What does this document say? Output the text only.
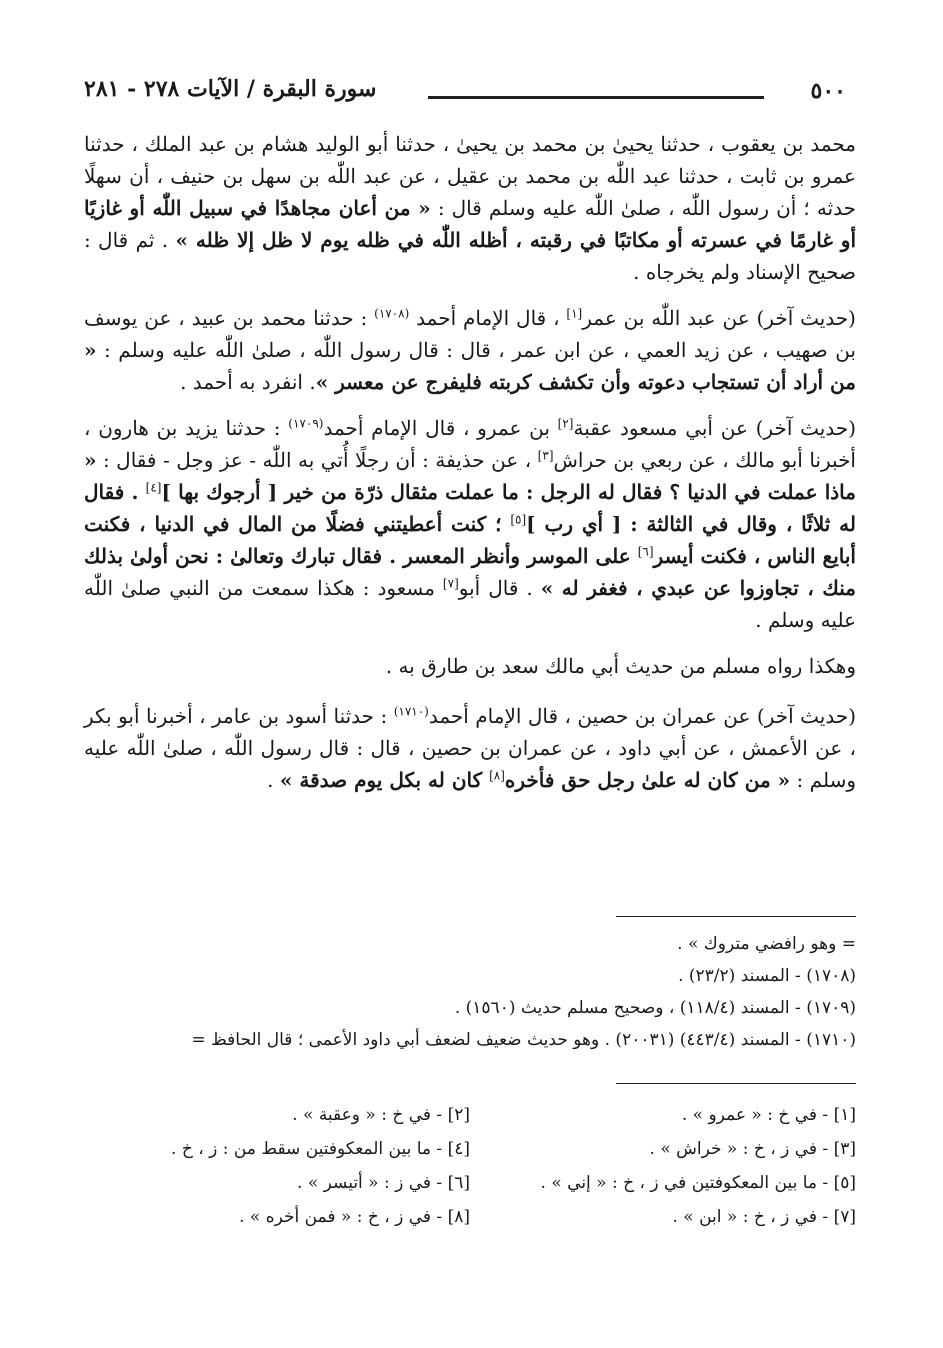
٥٠٠
سورة البقرة / الآيات ٢٧٨ - ٢٨١

محمد بن يعقوب ، حدثنا يحيىٰ بن محمد بن يحيىٰ ، حدثنا أبو الوليد هشام بن عبد الملك ، حدثنا عمرو بن ثابت ، حدثنا عبد اللّٰه بن محمد بن عقيل ، عن عبد اللّٰه بن سهل بن حنيف ، أن سهلًا حدثه ؛ أن رسول اللّٰه ، صلىٰ اللّٰه عليه وسلم قال : « من أعان مجاهدًا في سبيل اللّٰه أو غازيًا أو غارمًا في عسرته أو مكاتبًا في رقبته ، أظله اللّٰه في ظله يوم لا ظل إلا ظله » . ثم قال : صحيح الإسناد ولم يخرجاه .

(حديث آخر) عن عبد اللّٰه بن عمر[١] ، قال الإمام أحمد $^{(١٧٠٨)}$ : حدثنا محمد بن عبيد ، عن يوسف بن صهيب ، عن زيد العمي ، عن ابن عمر ، قال : قال رسول اللّٰه ، صلىٰ اللّٰه عليه وسلم : « من أراد أن تستجاب دعوته وأن تكشف كربته فليفرج عن معسر ». انفرد به أحمد .

(حديث آخر) عن أبي مسعود عقبة[٢] بن عمرو ، قال الإمام أحمد$^{(١٧٠٩)}$ : حدثنا يزيد بن هارون ، أخبرنا أبو مالك ، عن ربعي بن حراش[٣] ، عن حذيفة : أن رجلًا أُتي به اللّٰه - عز وجل - فقال : « ماذا عملت في الدنيا ؟ فقال له الرجل : ما عملت مثقال ذرّة من خير [ أرجوك بها ][٤] . فقال له ثلاثًا ، وقال في الثالثة : [ أي رب ][٥] ؛ كنت أعطيتني فضلًا من المال في الدنيا ، فكنت أبايع الناس ، فكنت أيسر[٦] على الموسر وأنظر المعسر . فقال تبارك وتعالىٰ : نحن أولىٰ بذلك منك ، تجاوزوا عن عبدي ، فغفر له » . قال أبو[٧] مسعود : هكذا سمعت من النبي صلىٰ اللّٰه عليه وسلم .

وهكذا رواه مسلم من حديث أبي مالك سعد بن طارق به .

(حديث آخر) عن عمران بن حصين ، قال الإمام أحمد$^{(١٧١٠)}$ : حدثنا أسود بن عامر ، أخبرنا أبو بكر ، عن الأعمش ، عن أبي داود ، عن عمران بن حصين ، قال : قال رسول اللّٰه ، صلىٰ اللّٰه عليه وسلم : « من كان له علىٰ رجل حق فأخره[٨] كان له بكل يوم صدقة » .

= وهو رافضي متروك » .
(١٧٠٨) - المسند (٢٣/٢) .
(١٧٠٩) - المسند (١١٨/٤) ، وصحيح مسلم حديث (١٥٦٠) .
(١٧١٠) - المسند (٤٤٣/٤) (٢٠٠٣١) . وهو حديث ضعيف لضعف أبي داود الأعمى ؛ قال الحافظ =
[١] - في خ : « عمرو » .
[٢] - في خ : « وعقبة » .
[٣] - في ز ، خ : « خراش » .
[٤] - ما بين المعكوفتين سقط من : ز ، خ .
[٥] - ما بين المعكوفتين في ز ، خ : « إني » .
[٦] - في ز : « أتيسر » .
[٧] - في ز ، خ : « ابن » .
[٨] - في ز ، خ : « فمن أخره » .
